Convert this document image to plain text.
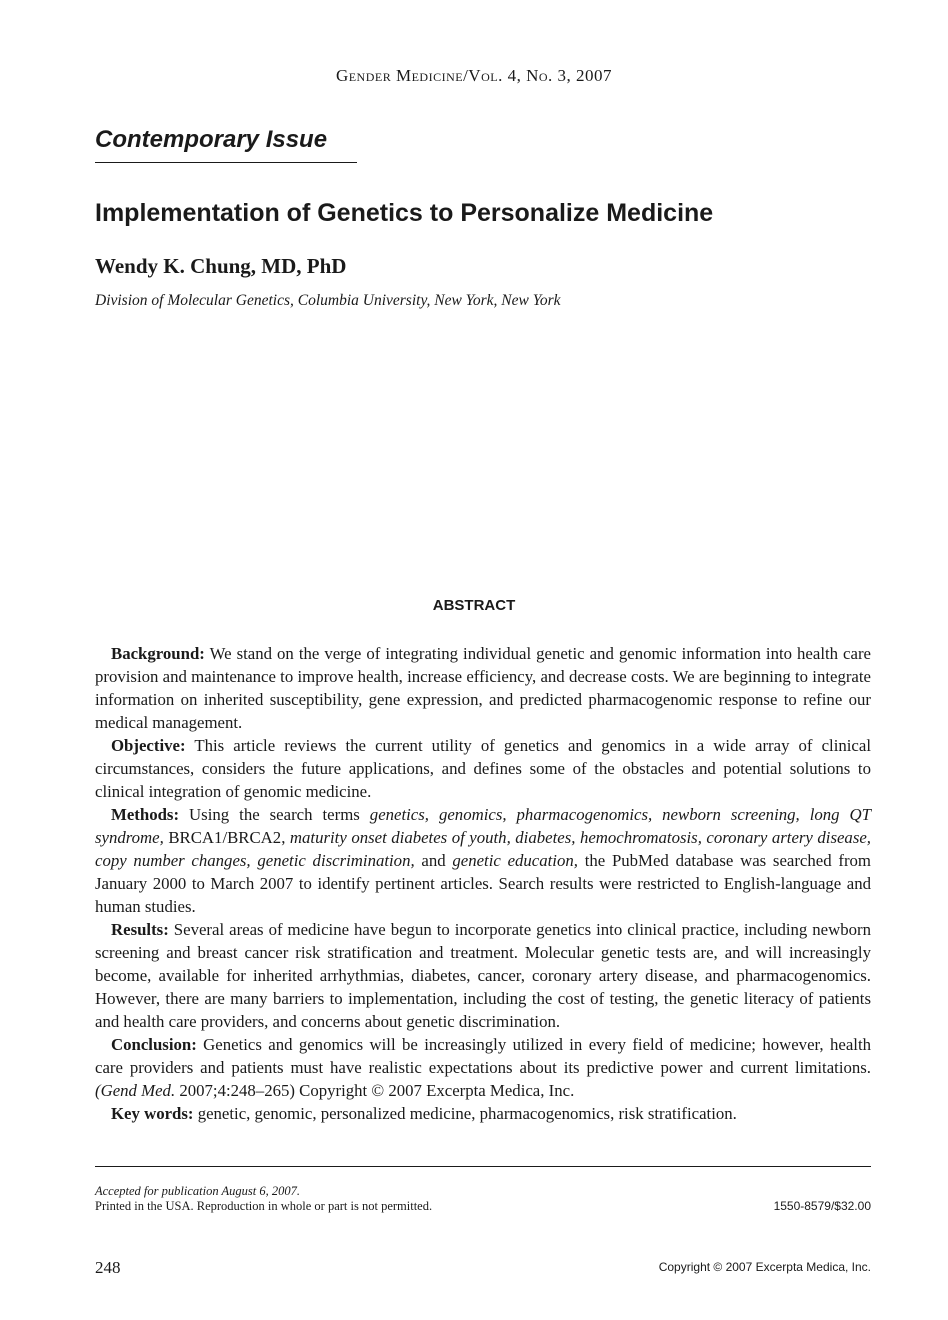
Gender Medicine/Vol. 4, No. 3, 2007
Contemporary Issue
Implementation of Genetics to Personalize Medicine
Wendy K. Chung, MD, PhD
Division of Molecular Genetics, Columbia University, New York, New York
ABSTRACT

Background: We stand on the verge of integrating individual genetic and genomic information into health care provision and maintenance to improve health, increase efficiency, and decrease costs. We are beginning to integrate information on inherited susceptibility, gene expression, and predicted pharmacogenomic response to refine our medical management.

Objective: This article reviews the current utility of genetics and genomics in a wide array of clinical circumstances, considers the future applications, and defines some of the obstacles and potential solutions to clinical integration of genomic medicine.

Methods: Using the search terms genetics, genomics, pharmacogenomics, newborn screening, long QT syndrome, BRCA1/BRCA2, maturity onset diabetes of youth, diabetes, hemochromatosis, coronary artery disease, copy number changes, genetic discrimination, and genetic education, the PubMed database was searched from January 2000 to March 2007 to identify pertinent articles. Search results were restricted to English-language and human studies.

Results: Several areas of medicine have begun to incorporate genetics into clinical practice, including newborn screening and breast cancer risk stratification and treatment. Molecular genetic tests are, and will increasingly become, available for inherited arrhythmias, diabetes, cancer, coronary artery disease, and pharmacogenomics. However, there are many barriers to implementation, including the cost of testing, the genetic literacy of patients and health care providers, and concerns about genetic discrimination.

Conclusion: Genetics and genomics will be increasingly utilized in every field of medicine; however, health care providers and patients must have realistic expectations about its predictive power and current limitations. (Gend Med. 2007;4:248–265) Copyright © 2007 Excerpta Medica, Inc.

Key words: genetic, genomic, personalized medicine, pharmacogenomics, risk stratification.

Accepted for publication August 6, 2007.
Printed in the USA. Reproduction in whole or part is not permitted.	1550-8579/$32.00
248	Copyright © 2007 Excerpta Medica, Inc.
